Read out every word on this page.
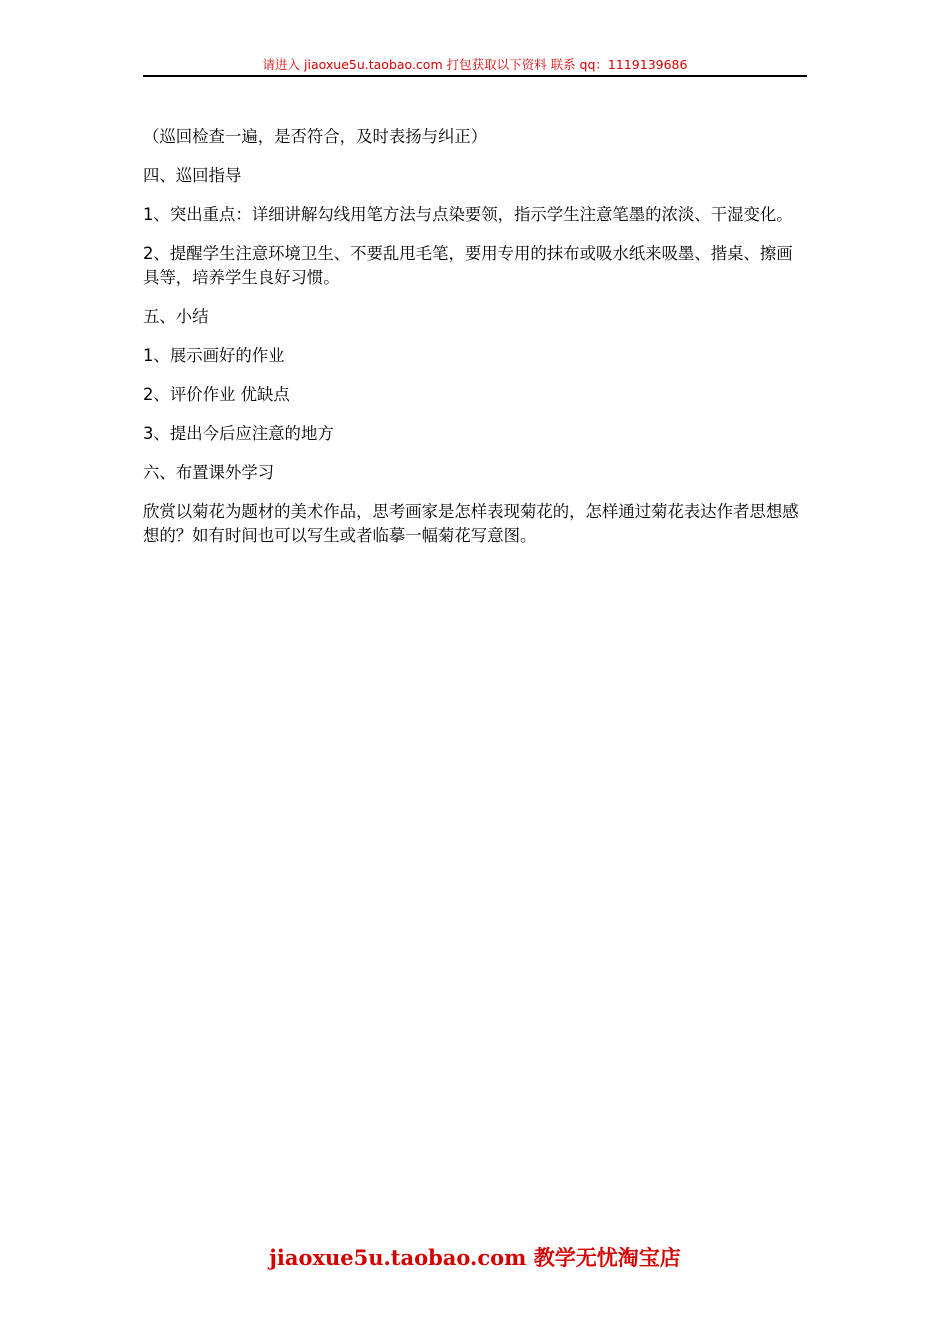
请进入 jiaoxue5u.taobao.com 打包获取以下资料 联系 qq：1119139686

（巡回检查一遍，是否符合，及时表扬与纠正）

四、巡回指导

1、突出重点：详细讲解勾线用笔方法与点染要领，指示学生注意笔墨的浓淡、干湿变化。

2、提醒学生注意环境卫生、不要乱甩毛笔，要用专用的抹布或吸水纸来吸墨、揩桌、擦画具等，培养学生良好习惯。

五、小结

1、展示画好的作业

2、评价作业 优缺点

3、提出今后应注意的地方

六、布置课外学习

欣赏以菊花为题材的美术作品，思考画家是怎样表现菊花的，怎样通过菊花表达作者思想感想的？如有时间也可以写生或者临摹一幅菊花写意图。

jiaoxue5u.taobao.com 教学无忧淘宝店
